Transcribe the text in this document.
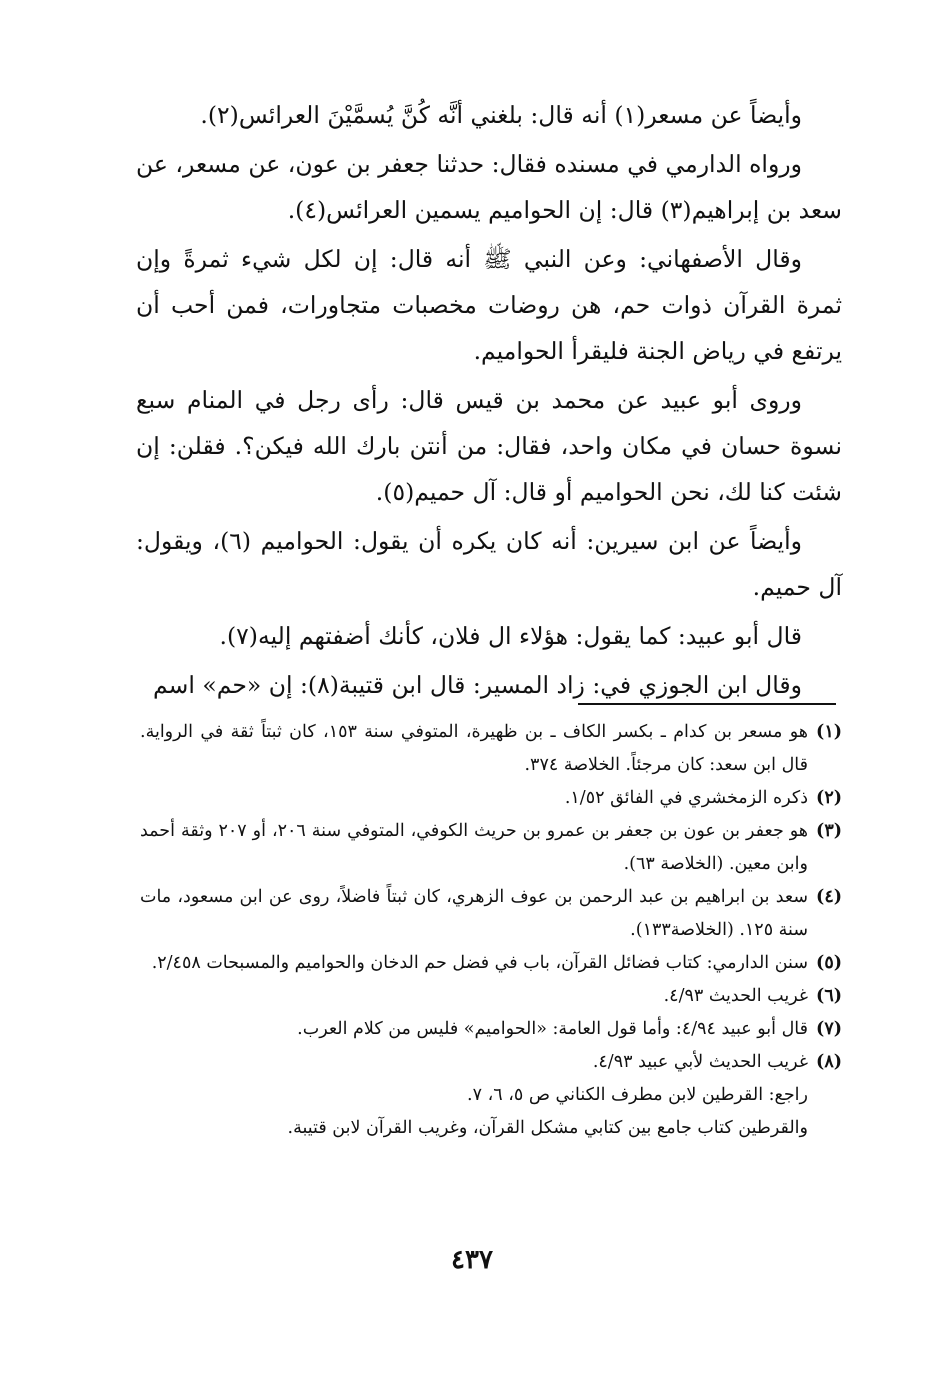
وأيضاً عن مسعر(١) أنه قال: بلغني أنَّه كُنَّ يُسمَّيْنَ العرائس(٢).

ورواه الدارمي في مسنده فقال: حدثنا جعفر بن عون، عن مسعر، عن سعد بن إبراهيم(٣) قال: إن الحواميم يسمين العرائس(٤).

وقال الأصفهاني: وعن النبي ﷺ أنه قال: إن لكل شيء ثمرةً وإن ثمرة القرآن ذوات حم، هن روضات مخصبات متجاورات، فمن أحب أن يرتفع في رياض الجنة فليقرأ الحواميم.

وروى أبو عبيد عن محمد بن قيس قال: رأى رجل في المنام سبع نسوة حسان في مكان واحد، فقال: من أنتن بارك الله فيكن؟. فقلن: إن شئت كنا لك، نحن الحواميم أو قال: آل حميم(٥).

وأيضاً عن ابن سيرين: أنه كان يكره أن يقول: الحواميم (٦)، ويقول: آل حميم.

قال أبو عبيد: كما يقول: هؤلاء ال فلان، كأنك أضفتهم إليه(٧).

وقال ابن الجوزي في: زاد المسير: قال ابن قتيبة(٨): إن «حم» اسم

(١)
هو مسعر بن كدام ـ بكسر الكاف ـ بن ظهيرة، المتوفي سنة ١٥٣، كان ثبتاً ثقة في الرواية. قال ابن سعد: كان مرجئاً. الخلاصة ٣٧٤.
(٢)
ذكره الزمخشري في الفائق ١/٥٢.
(٣)
هو جعفر بن عون بن جعفر بن عمرو بن حريث الكوفي، المتوفي سنة ٢٠٦، أو ٢٠٧ وثقة أحمد وابن معين. (الخلاصة ٦٣).
(٤)
سعد بن ابراهيم بن عبد الرحمن بن عوف الزهري، كان ثبتاً فاضلاً، روى عن ابن مسعود، مات سنة ١٢٥. (الخلاصة١٣٣).
(٥)
سنن الدارمي: كتاب فضائل القرآن، باب في فضل حم الدخان والحواميم والمسبحات ٢/٤٥٨.
(٦)
غريب الحديث ٤/٩٣.
(٧)
قال أبو عبيد ٤/٩٤: وأما قول العامة: «الحواميم» فليس من كلام العرب.
(٨)
غريب الحديث لأبي عبيد ٤/٩٣.
راجع: القرطين لابن مطرف الكناني ص ٥، ٦، ٧.
والقرطين كتاب جامع بين كتابي مشكل القرآن، وغريب القرآن لابن قتيبة.
٤٣٧
